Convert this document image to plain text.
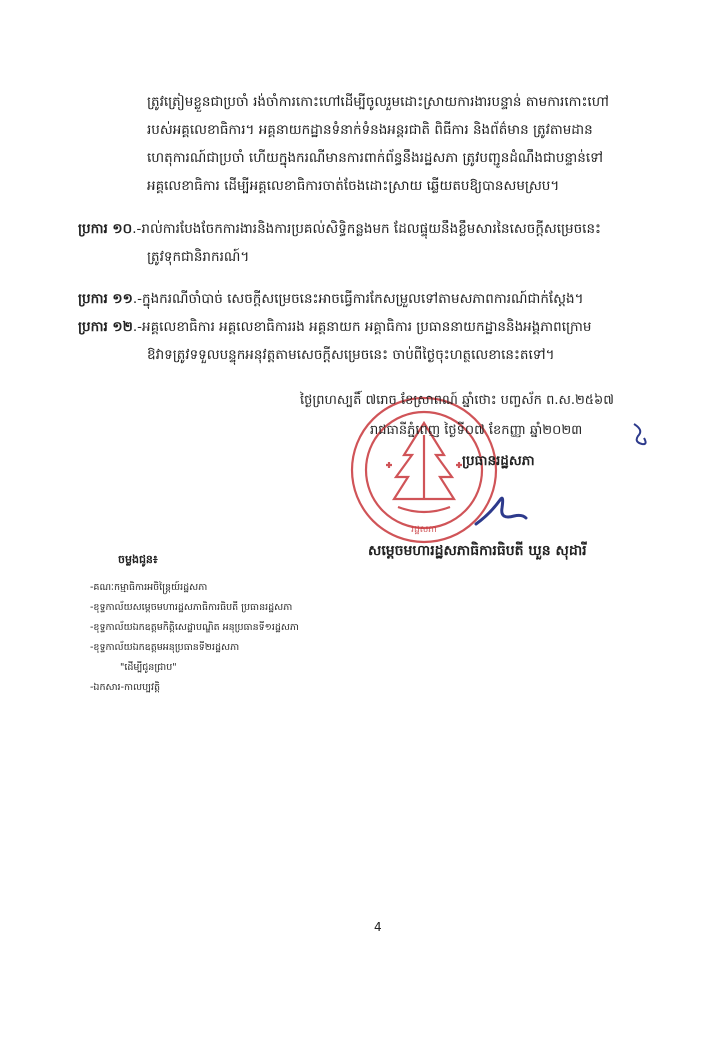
ត្រូវត្រៀមខ្លួនជាប្រចាំ រង់ចាំការកោះហៅដើម្បីចូលរួមដោះស្រាយការងារបន្ទាន់ តាមការកោះហៅ
របស់អគ្គលេខាធិការ។ អគ្គនាយកដ្ឋានទំនាក់ទំនងអន្តរជាតិ ពិធីការ និងព័ត៌មាន ត្រូវតាមដាន
ហេតុការណ៍ជាប្រចាំ ហើយក្នុងករណីមានការពាក់ព័ន្ធនឹងរដ្ឋសភា ត្រូវបញ្ជូនដំណឹងជាបន្ទាន់ទៅ
អគ្គលេខាធិការ ដើម្បីអគ្គលេខាធិការចាត់ចែងដោះស្រាយ ឆ្លើយតបឱ្យបានសមស្រប។
ប្រការ ១០.-រាល់ការបែងចែកការងារនិងការប្រគល់សិទ្ធិកន្លងមក ដែលផ្ទុយនឹងខ្លឹមសារនៃសេចក្ដីសម្រេចនេះ
ត្រូវទុកជានិរាករណ៍។
ប្រការ ១១.-ក្នុងករណីចាំបាច់ សេចក្ដីសម្រេចនេះអាចធ្វើការកែសម្រួលទៅតាមសភាពការណ៍ជាក់ស្ដែង។
ប្រការ ១២.-អគ្គលេខាធិការ អគ្គលេខាធិការរង អគ្គនាយក អគ្គាធិការ ប្រធាននាយកដ្ឋាននិងអង្គភាពក្រោម
ឱវាទត្រូវទទួលបន្ទុកអនុវត្តតាមសេចក្ដីសម្រេចនេះ ចាប់ពីថ្ងៃចុះហត្ថលេខានេះតទៅ។
រដ្ឋសភា
ថ្ងៃព្រហស្បតិ៍ ៧រោច ខែស្រាពណ៍ ឆ្នាំថោះ បញ្ចស័ក ព.ស.២៥៦៧
រាជធានីភ្នំពេញ ថ្ងៃទី០៧ ខែកញ្ញា ឆ្នាំ២០២៣
ប្រធានរដ្ឋសភា
សម្ដេចមហារដ្ឋសភាធិការធិបតី ឃួន សុដារី
ចម្លងជូន៖
-គណៈកម្មាធិការអចិន្ត្រៃយ៍រដ្ឋសភា
-ខុទ្ទកាល័យសម្ដេចមហារដ្ឋសភាធិការធិបតី ប្រធានរដ្ឋសភា
-ខុទ្ទកាល័យឯកឧត្តមកិត្តិសេដ្ឋាបណ្ឌិត អនុប្រធានទី១រដ្ឋសភា
-ខុទ្ទកាល័យឯកឧត្តមអនុប្រធានទី២រដ្ឋសភា
"ដើម្បីជូនជ្រាប"
-ឯកសារ-កាលប្បវត្តិ
4
